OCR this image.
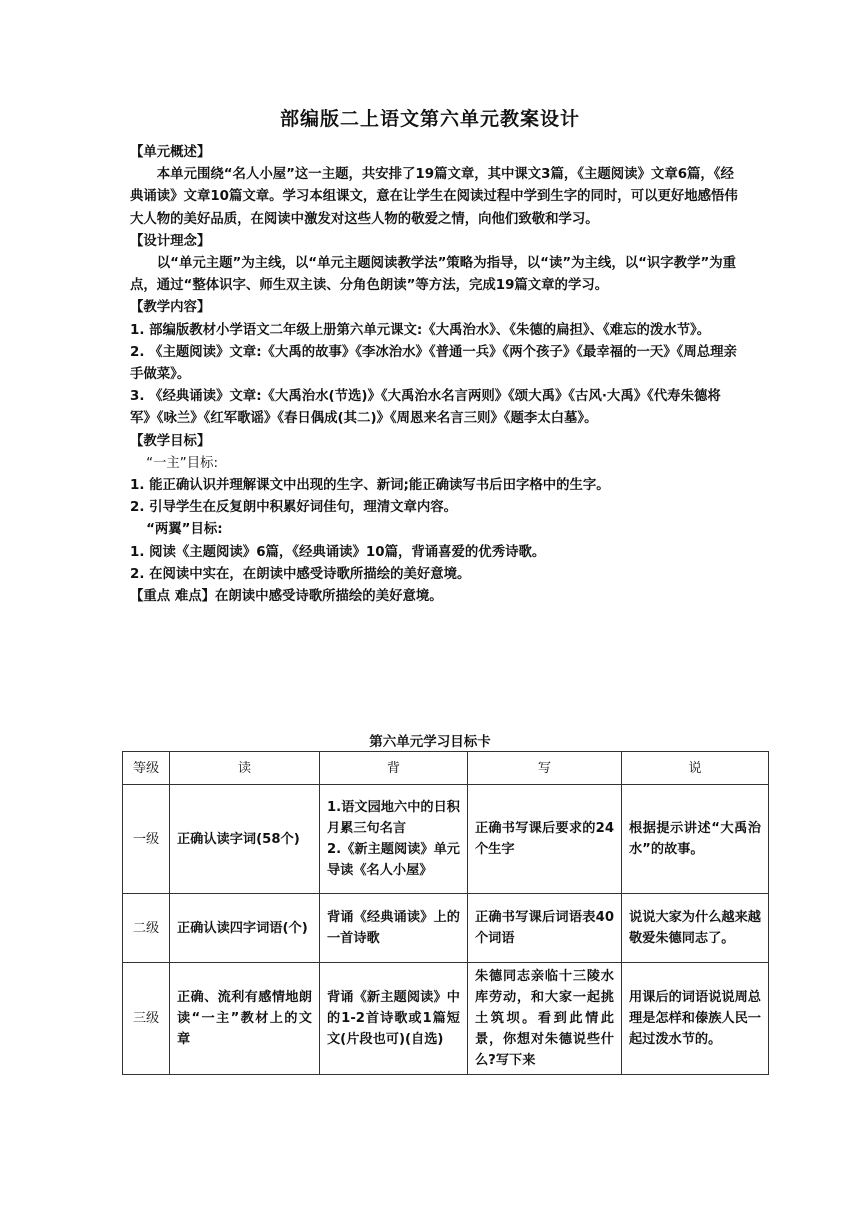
部编版二上语文第六单元教案设计

【单元概述】

本单元围绕“名人小屋”这一主题，共安排了19篇文章，其中课文3篇，《主题阅读》文章6篇，《经典诵读》文章10篇文章。学习本组课文，意在让学生在阅读过程中学到生字的同时，可以更好地感悟伟大人物的美好品质，在阅读中激发对这些人物的敬爱之情，向他们致敬和学习。

【设计理念】

以“单元主题”为主线，以“单元主题阅读教学法”策略为指导，以“读”为主线，以“识字教学”为重点，通过“整体识字、师生双主读、分角色朗读”等方法，完成19篇文章的学习。

【教学内容】

1. 部编版教材小学语文二年级上册第六单元课文:《大禹治水》、《朱德的扁担》、《难忘的泼水节》。

2. 《主题阅读》文章:《大禹的故事》《李冰治水》《普通一兵》《两个孩子》《最幸福的一天》《周总理亲手做菜》。

3. 《经典诵读》文章:《大禹治水(节选)》《大禹治水名言两则》《颂大禹》《古风·大禹》《代寿朱德将军》《咏兰》《红军歌谣》《春日偶成(其二)》《周恩来名言三则》《题李太白墓》。

【教学目标】

“一主”目标:

1. 能正确认识并理解课文中出现的生字、新词;能正确读写书后田字格中的生字。

2. 引导学生在反复朗中积累好词佳句，理清文章内容。

“两翼”目标:

1. 阅读《主题阅读》6篇，《经典诵读》10篇，背诵喜爱的优秀诗歌。

2. 在阅读中实在，在朗读中感受诗歌所描绘的美好意境。

【重点 难点】在朗读中感受诗歌所描绘的美好意境。

第六单元学习目标卡
等级	读	背	写	说
一级	正确认读字词(58个)	1.语文园地六中的日积月累三句名言
2.《新主题阅读》单元导读《名人小屋》	正确书写课后要求的24个生字	根据提示讲述“大禹治水”的故事。
二级	正确认读四字词语(个)	背诵《经典诵读》上的一首诗歌	正确书写课后词语表40个词语	说说大家为什么越来越敬爱朱德同志了。
三级	正确、流利有感情地朗读“一主”教材上的文章	背诵《新主题阅读》中的1-2首诗歌或1篇短文(片段也可)(自选)	朱德同志亲临十三陵水库劳动，和大家一起挑土筑坝。看到此情此景，你想对朱德说些什么?写下来	用课后的词语说说周总理是怎样和傣族人民一起过泼水节的。
